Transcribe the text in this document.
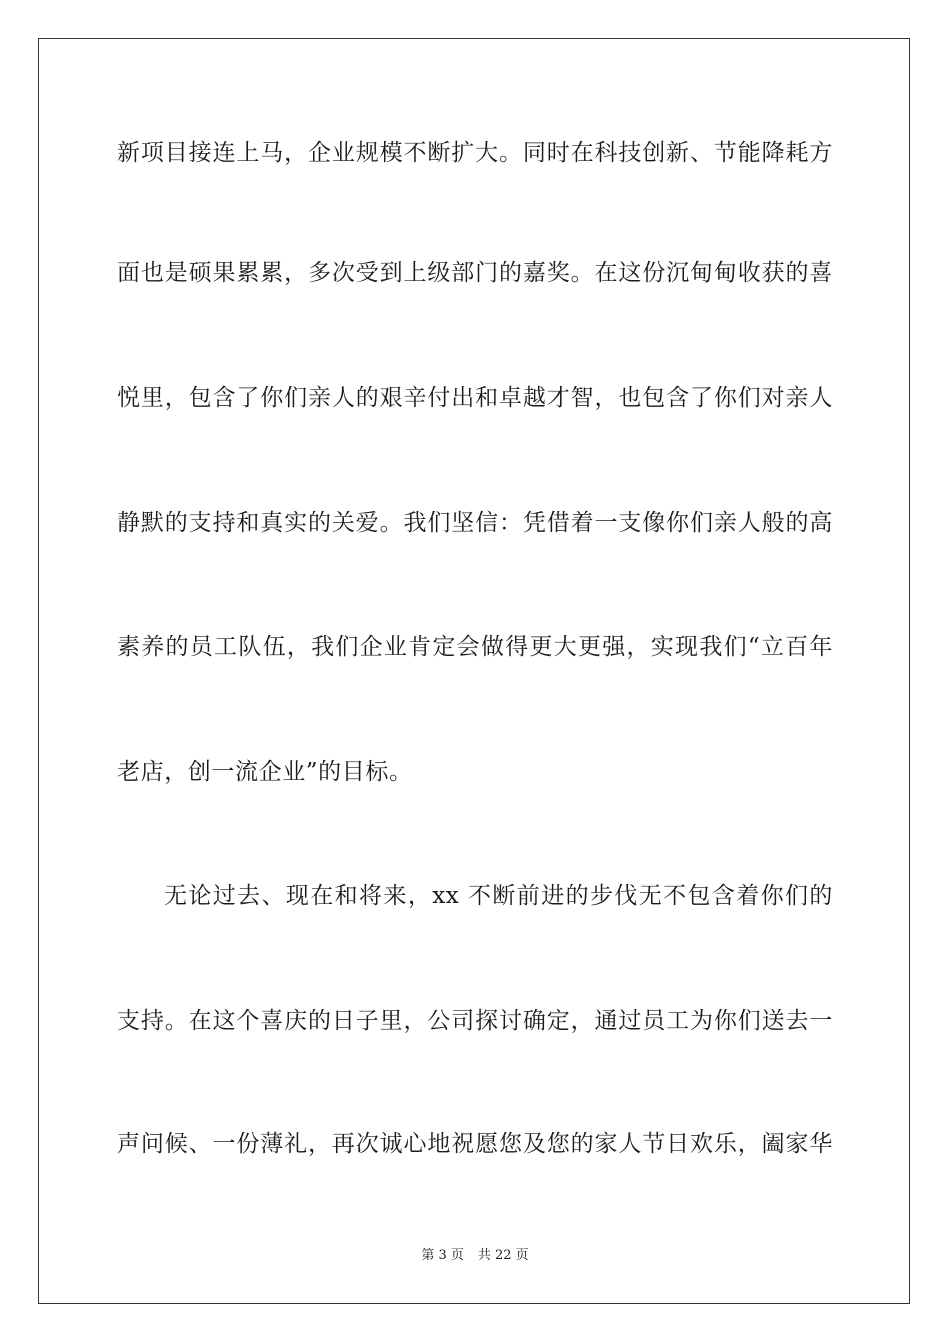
新项目接连上马，企业规模不断扩大。同时在科技创新、节能降耗方
面也是硕果累累，多次受到上级部门的嘉奖。在这份沉甸甸收获的喜
悦里，包含了你们亲人的艰辛付出和卓越才智，也包含了你们对亲人
静默的支持和真实的关爱。我们坚信：凭借着一支像你们亲人般的高
素养的员工队伍，我们企业肯定会做得更大更强，实现我们“立百年
老店，创一流企业”的目标。
无论过去、现在和将来，xx 不断前进的步伐无不包含着你们的
支持。在这个喜庆的日子里，公司探讨确定，通过员工为你们送去一
声问候、一份薄礼，再次诚心地祝愿您及您的家人节日欢乐，阖家华
第 3 页 共 22 页
